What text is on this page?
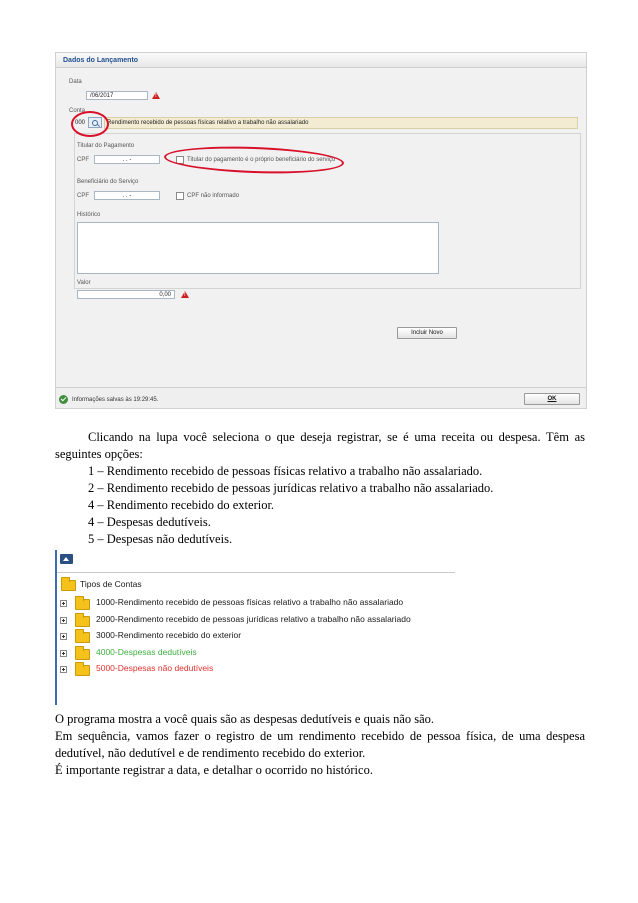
Dados do Lançamento
Data
/06/2017	!
Conta
000	Rendimento recebido de pessoas físicas relativo a trabalho não assalariado
Titular do Pagamento
CPF	. . -	Titular do pagamento é o próprio beneficiário do serviço
Beneficiário do Serviço
CPF	. . -	CPF não informado
Histórico
Valor
0,00	!
Incluir Novo
Informações salvas às 19:29:45.	OK
Clicando na lupa você seleciona o que deseja registrar, se é uma receita ou despesa. Têm as
seguintes opções:
1 – Rendimento recebido de pessoas físicas relativo a trabalho não assalariado.
2 – Rendimento recebido de pessoas jurídicas relativo a trabalho não assalariado.
4 – Rendimento recebido do exterior.
4 – Despesas dedutíveis.
5 – Despesas não dedutíveis.
Tipos de Contas
1000-Rendimento recebido de pessoas físicas relativo a trabalho não assalariado
2000-Rendimento recebido de pessoas jurídicas relativo a trabalho não assalariado
3000-Rendimento recebido do exterior
4000-Despesas dedutíveis
5000-Despesas não dedutíveis
O programa mostra a você quais são as despesas dedutíveis e quais não são.
Em sequência, vamos fazer o registro de um rendimento recebido de pessoa física, de uma despesa
dedutível, não dedutível e de rendimento recebido do exterior.
É importante registrar a data, e detalhar o ocorrido no histórico.
